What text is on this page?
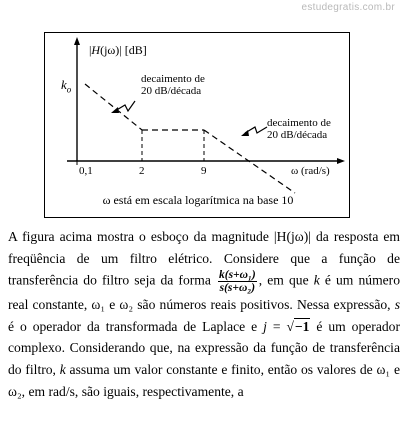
estudegratis.com.br
|H(jω)| [dB]
$k_o$
decaimento de
20 dB/década
decaimento de
20 dB/década
0,1	2	9	ω (rad/s)
ω está em escala logarítmica na base 10

A figura acima mostra o esboço da magnitude |H(jω)| da resposta em freqüência de um filtro elétrico. Considere que a função de transferência do filtro seja da forma $\frac{\text{k(s+ω₁)}}{\text{s(s+ω₂)}}$ , em que k é um número real constante, ω₁ e ω₂ são números reais positivos. Nessa expressão, s é o operador da transformada de Laplace e j = √−1 é um operador complexo. Considerando que, na expressão da função de transferência do filtro, k assuma um valor constante e finito, então os valores de ω₁ e ω₂, em rad/s, são iguais, respectivamente, a
